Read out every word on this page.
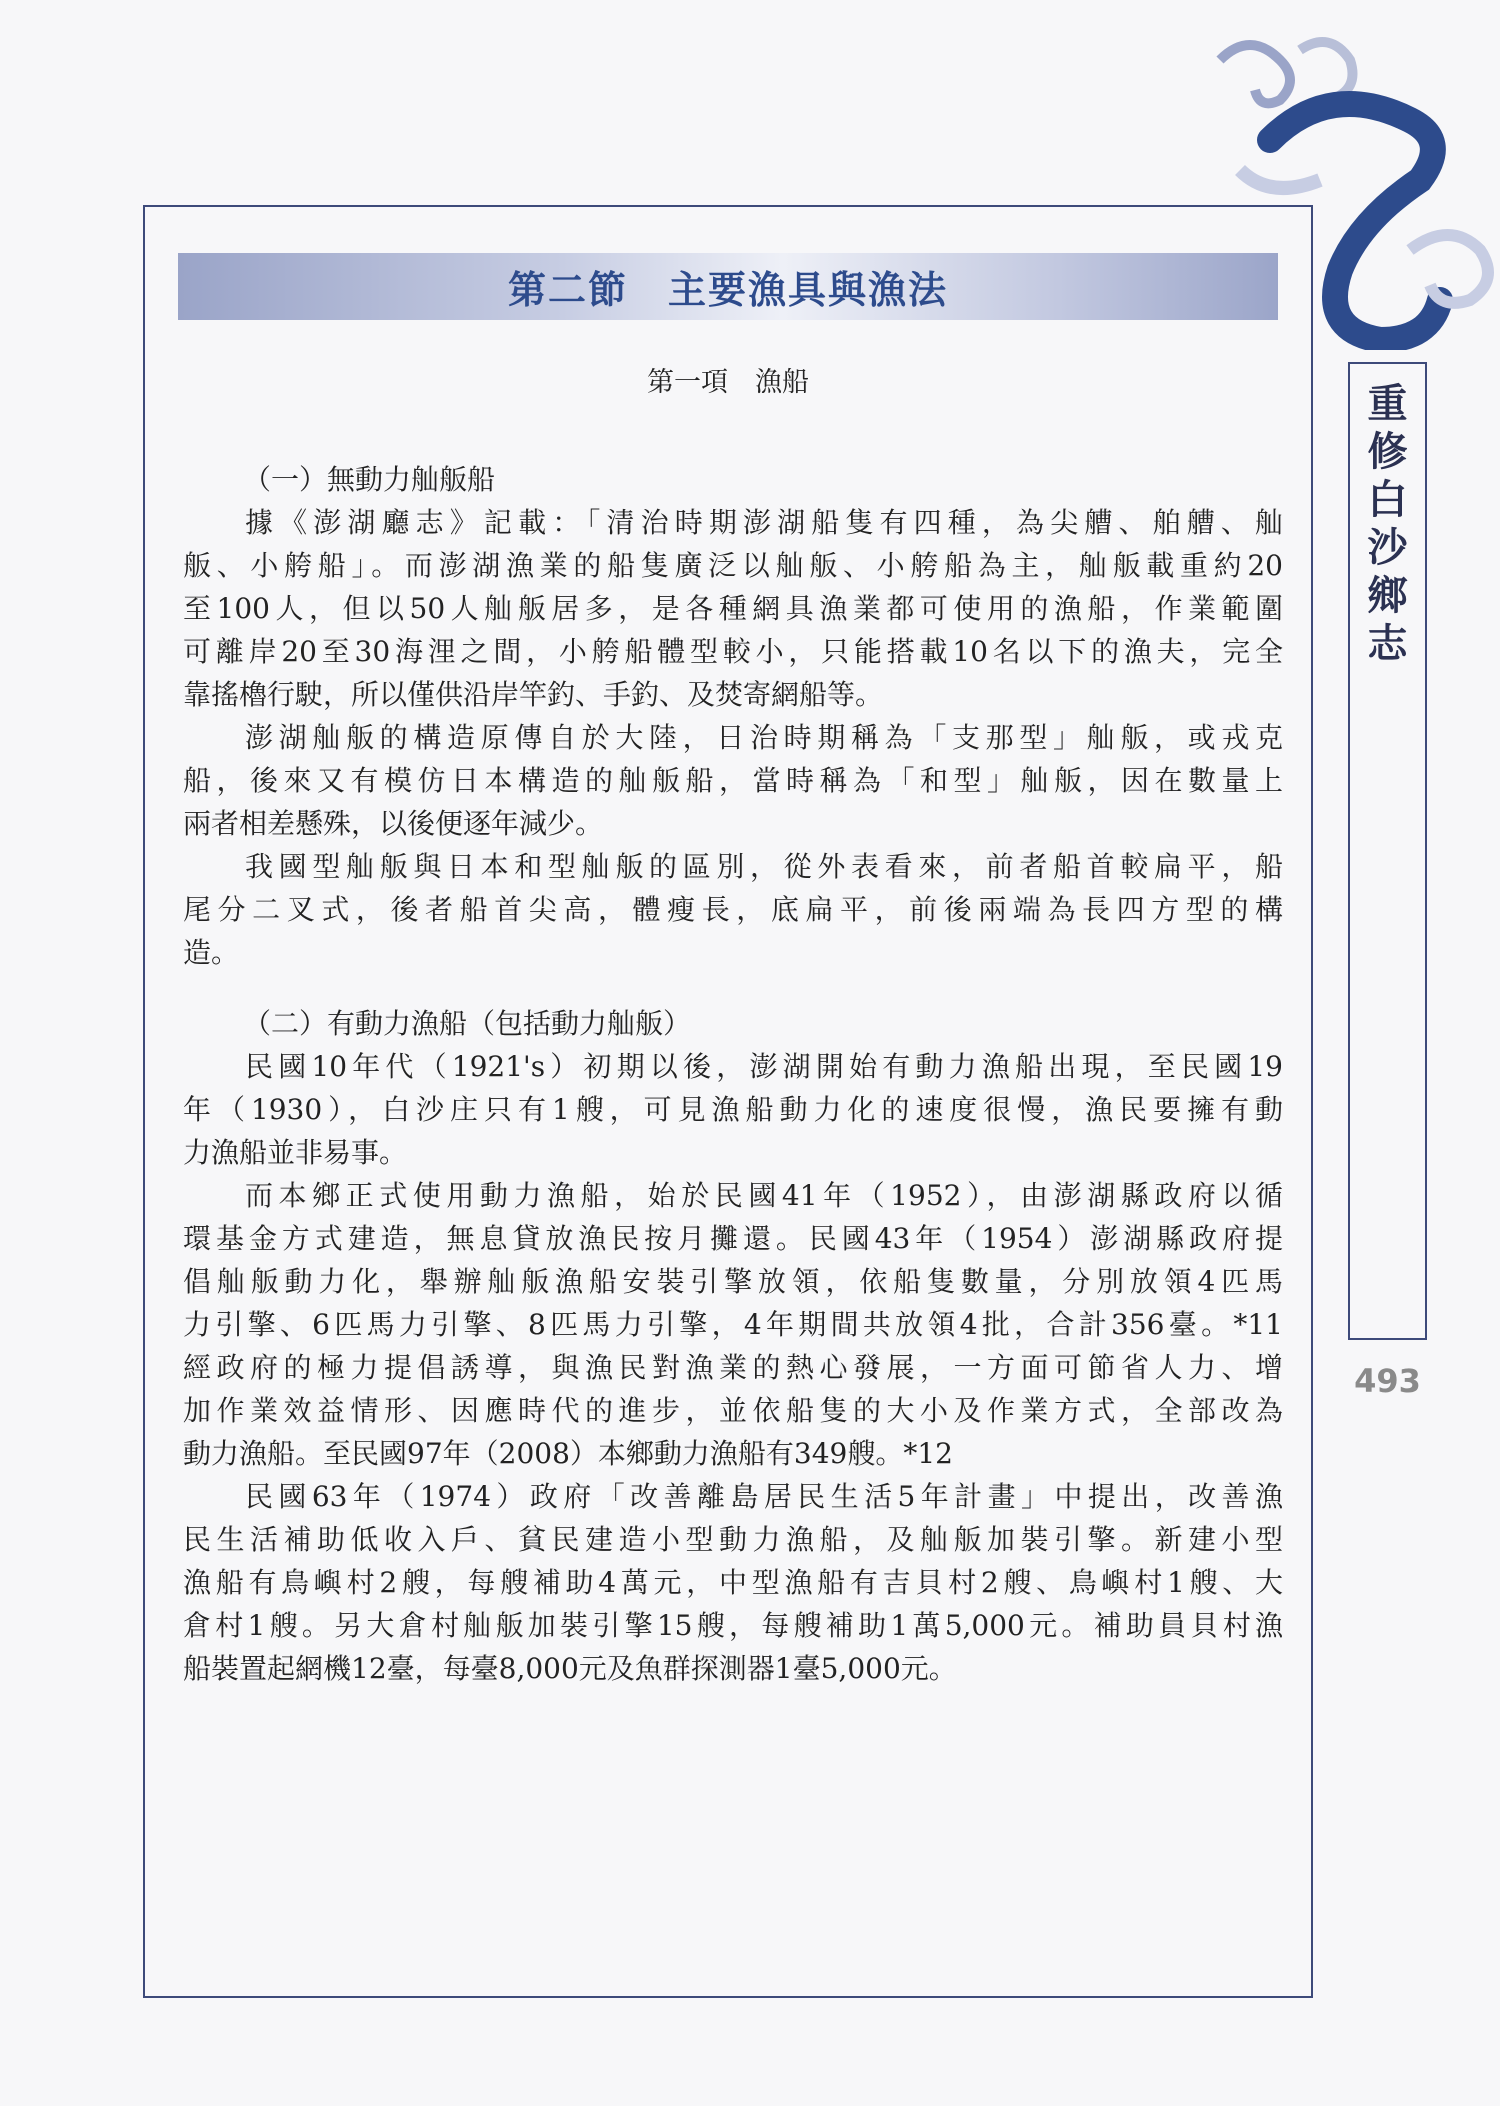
第二節　主要漁具與漁法
第一項　漁船
（一）無動力舢舨船
據《澎湖廳志》記載：「清治時期澎湖船隻有四種，為尖艚、舶艚、舢
舨、小舿船」。而澎湖漁業的船隻廣泛以舢舨、小舿船為主，舢舨載重約20
至100人，但以50人舢舨居多，是各種網具漁業都可使用的漁船，作業範圍
可離岸20至30海浬之間，小舿船體型較小，只能搭載10名以下的漁夫，完全
靠搖櫓行駛，所以僅供沿岸竿釣、手釣、及焚寄網船等。
澎湖舢舨的構造原傳自於大陸，日治時期稱為「支那型」舢舨，或戎克
船，後來又有模仿日本構造的舢舨船，當時稱為「和型」舢舨，因在數量上
兩者相差懸殊，以後便逐年減少。
我國型舢舨與日本和型舢舨的區別，從外表看來，前者船首較扁平，船
尾分二叉式，後者船首尖高，體瘦長，底扁平，前後兩端為長四方型的構
造。
（二）有動力漁船（包括動力舢舨）
民國10年代（1921's）初期以後，澎湖開始有動力漁船出現，至民國19
年（1930），白沙庄只有1艘，可見漁船動力化的速度很慢，漁民要擁有動
力漁船並非易事。
而本鄉正式使用動力漁船，始於民國41年（1952），由澎湖縣政府以循
環基金方式建造，無息貸放漁民按月攤還。民國43年（1954）澎湖縣政府提
倡舢舨動力化，舉辦舢舨漁船安裝引擎放領，依船隻數量，分別放領4匹馬
力引擎、6匹馬力引擎、8匹馬力引擎，4年期間共放領4批，合計356臺。*11
經政府的極力提倡誘導，與漁民對漁業的熱心發展，一方面可節省人力、增
加作業效益情形、因應時代的進步，並依船隻的大小及作業方式，全部改為
動力漁船。至民國97年（2008）本鄉動力漁船有349艘。*12
民國63年（1974）政府「改善離島居民生活5年計畫」中提出，改善漁
民生活補助低收入戶、貧民建造小型動力漁船，及舢舨加裝引擎。新建小型
漁船有鳥嶼村2艘，每艘補助4萬元，中型漁船有吉貝村2艘、鳥嶼村1艘、大
倉村1艘。另大倉村舢舨加裝引擎15艘，每艘補助1萬5,000元。補助員貝村漁
船裝置起網機12臺，每臺8,000元及魚群探測器1臺5,000元。
重
修
白
沙
鄉
志
493
